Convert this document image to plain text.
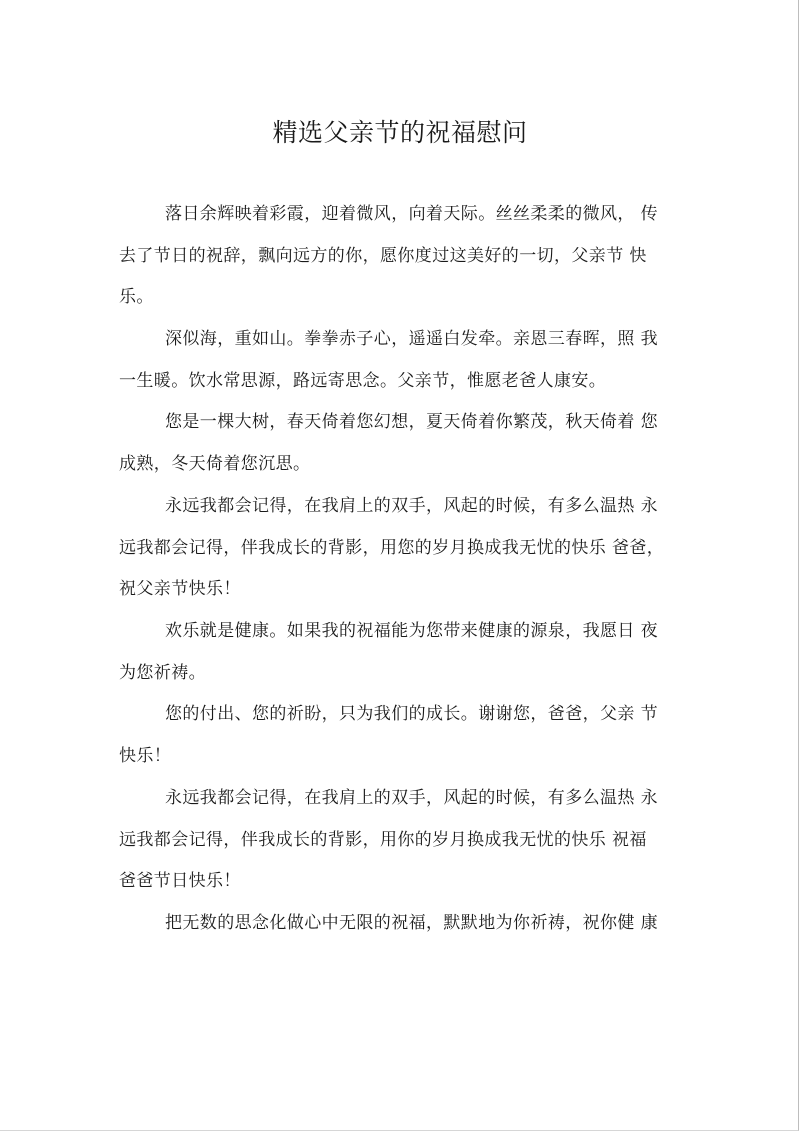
精选父亲节的祝福慰问
落日余辉映着彩霞，迎着微风，向着天际。丝丝柔柔的微风， 传
去了节日的祝辞，飘向远方的你，愿你度过这美好的一切，父亲节 快
乐。
深似海，重如山。拳拳赤子心，遥遥白发牵。亲恩三春晖，照 我
一生暖。饮水常思源，路远寄思念。父亲节，惟愿老爸人康安。
您是一棵大树，春天倚着您幻想，夏天倚着你繁茂，秋天倚着 您
成熟，冬天倚着您沉思。
永远我都会记得，在我肩上的双手，风起的时候，有多么温热 永
远我都会记得，伴我成长的背影，用您的岁月换成我无忧的快乐 爸爸，
祝父亲节快乐！
欢乐就是健康。如果我的祝福能为您带来健康的源泉，我愿日 夜
为您祈祷。
您的付出、您的祈盼，只为我们的成长。谢谢您，爸爸，父亲 节
快乐！
永远我都会记得，在我肩上的双手，风起的时候，有多么温热 永
远我都会记得，伴我成长的背影，用你的岁月换成我无忧的快乐 祝福
爸爸节日快乐！
把无数的思念化做心中无限的祝福，默默地为你祈祷，祝你健 康
